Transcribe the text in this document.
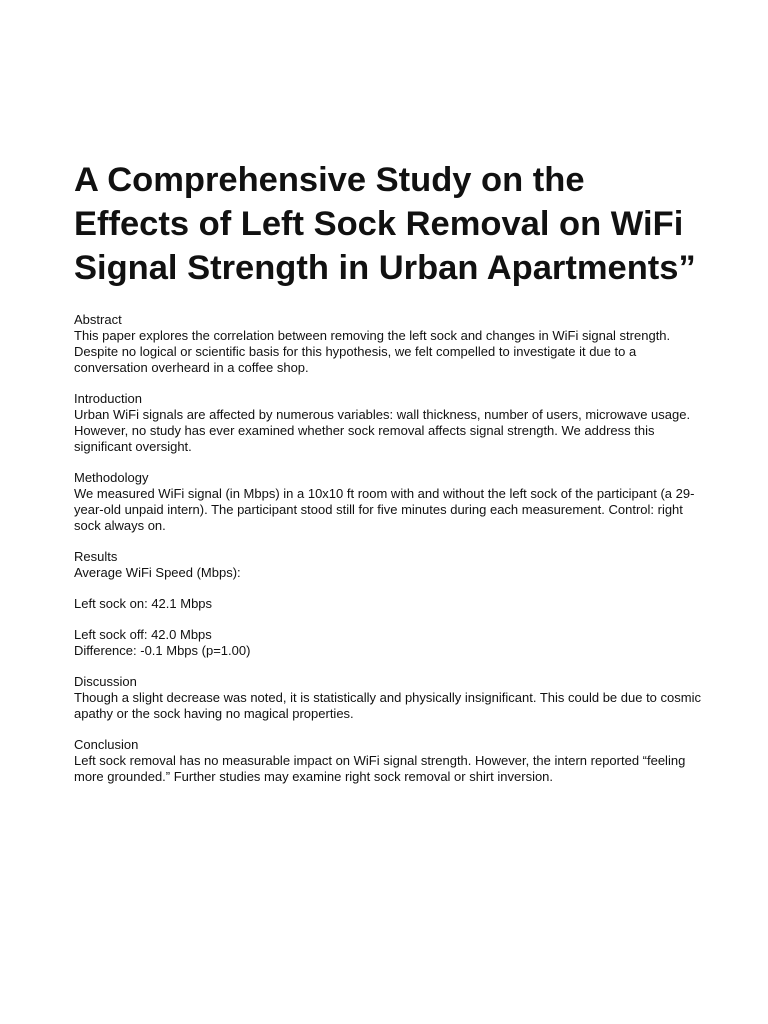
A Comprehensive Study on the Effects of Left Sock Removal on WiFi Signal Strength in Urban Apartments”
Abstract
This paper explores the correlation between removing the left sock and changes in WiFi signal strength. Despite no logical or scientific basis for this hypothesis, we felt compelled to investigate it due to a conversation overheard in a coffee shop.
Introduction
Urban WiFi signals are affected by numerous variables: wall thickness, number of users, microwave usage. However, no study has ever examined whether sock removal affects signal strength. We address this significant oversight.
Methodology
We measured WiFi signal (in Mbps) in a 10x10 ft room with and without the left sock of the participant (a 29-year-old unpaid intern). The participant stood still for five minutes during each measurement. Control: right sock always on.
Results

Average WiFi Speed (Mbps):

Left sock on: 42.1 Mbps

Left sock off: 42.0 Mbps

Difference: -0.1 Mbps (p=1.00)

Discussion
Though a slight decrease was noted, it is statistically and physically insignificant. This could be due to cosmic apathy or the sock having no magical properties.
Conclusion
Left sock removal has no measurable impact on WiFi signal strength. However, the intern reported “feeling more grounded.” Further studies may examine right sock removal or shirt inversion.
